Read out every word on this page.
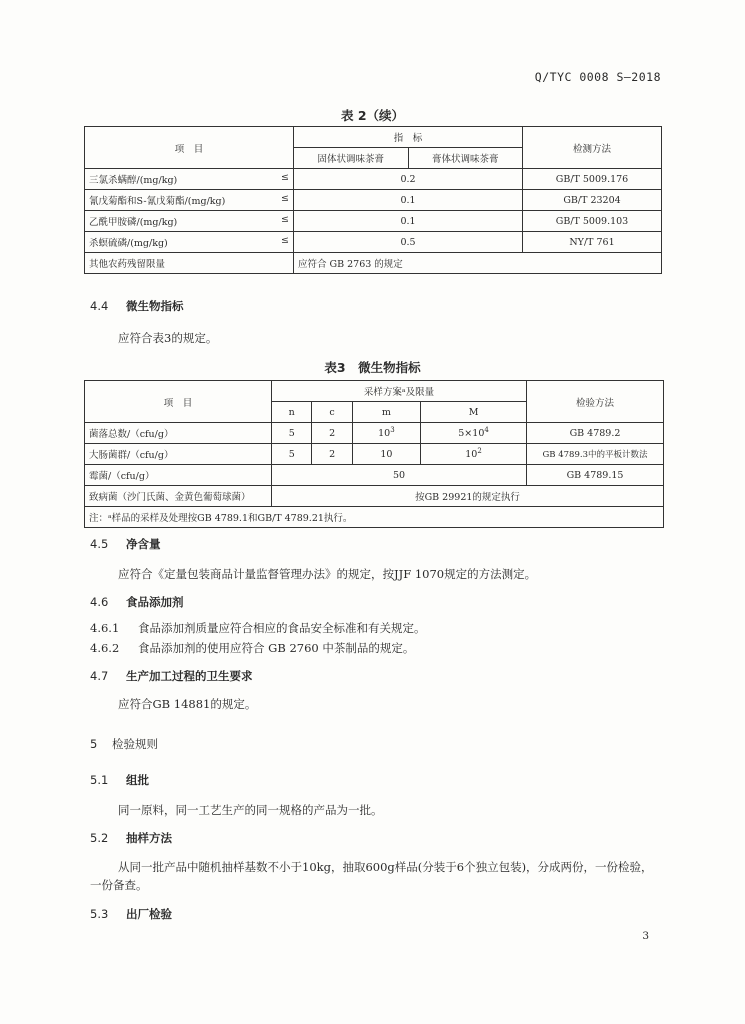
Q/TYC 0008 S—2018
表 2（续）
项　目	指　标		检测方法
	固体状调味茶膏	膏体状调味茶膏	
三氯杀螨醇/(mg/kg) ≤	0.2		GB/T 5009.176
氰戊菊酯和S-氰戊菊酯/(mg/kg) ≤	0.1		GB/T 23204
乙酰甲胺磷/(mg/kg) ≤	0.1		GB/T 5009.103
杀螟硫磷/(mg/kg) ≤	0.5		NY/T 761
其他农药残留限量	应符合 GB 2763 的规定		
4.4 微生物指标
应符合表3的规定。
表3　微生物指标
项　目	采样方案ᵃ及限量				检验方法
	n	c	m	M	
菌落总数/（cfu/g）	5	2	$10^3$	$5\times 10^4$	GB 4789.2
大肠菌群/（cfu/g）	5	2	10	$10^2$	GB 4789.3中的平板计数法
霉菌/（cfu/g）	50				GB 4789.15
致病菌（沙门氏菌、金黄色葡萄球菌）	按GB 29921的规定执行				
注：ᵃ样品的采样及处理按GB 4789.1和GB/T 4789.21执行。					
4.5 净含量
应符合《定量包装商品计量监督管理办法》的规定，按JJF 1070规定的方法测定。
4.6 食品添加剂
4.6.1 食品添加剂质量应符合相应的食品安全标准和有关规定。
4.6.2 食品添加剂的使用应符合 GB 2760 中茶制品的规定。
4.7 生产加工过程的卫生要求
应符合GB 14881的规定。
5 检验规则
5.1 组批
同一原料，同一工艺生产的同一规格的产品为一批。
5.2 抽样方法
从同一批产品中随机抽样基数不小于10kg，抽取600g样品(分装于6个独立包装)，分成两份，一份检验，一份备查。
5.3 出厂检验
3
